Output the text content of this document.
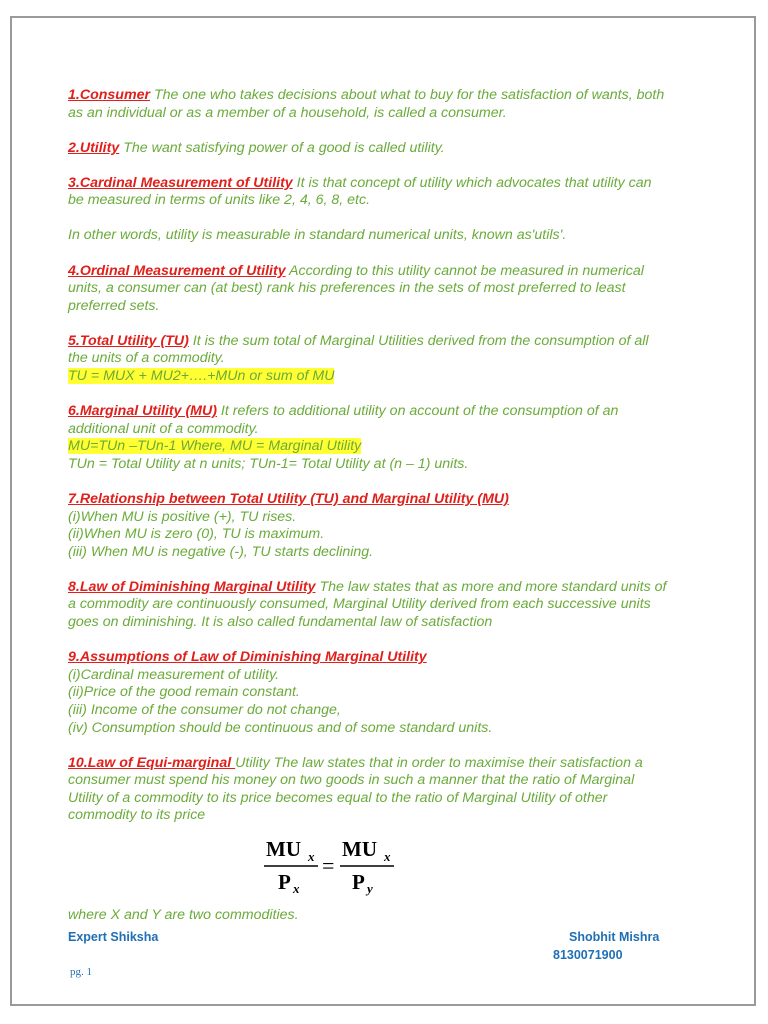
1.Consumer The one who takes decisions about what to buy for the satisfaction of wants, both as an individual or as a member of a household, is called a consumer.

2.Utility The want satisfying power of a good is called utility.

3.Cardinal Measurement of Utility It is that concept of utility which advocates that utility can be measured in terms of units like 2, 4, 6, 8, etc.

In other words, utility is measurable in standard numerical units, known as'utils'.

4.Ordinal Measurement of Utility According to this utility cannot be measured in numerical units, a consumer can (at best) rank his preferences in the sets of most preferred to least preferred sets.

5.Total Utility (TU) It is the sum total of Marginal Utilities derived from the consumption of all the units of a commodity.
TU = MUX + MU2+….+MUn or sum of MU

6.Marginal Utility (MU) It refers to additional utility on account of the consumption of an additional unit of a commodity.
MU=TUn –TUn-1 Where, MU = Marginal Utility
TUn = Total Utility at n units; TUn-1= Total Utility at (n – 1) units.

7.Relationship between Total Utility (TU) and Marginal Utility (MU)
(i)When MU is positive (+), TU rises.
(ii)When MU is zero (0), TU is maximum.
(iii) When MU is negative (-), TU starts declining.

8.Law of Diminishing Marginal Utility The law states that as more and more standard units of a commodity are continuously consumed, Marginal Utility derived from each successive units goes on diminishing. It is also called fundamental law of satisfaction

9.Assumptions of Law of Diminishing Marginal Utility
(i)Cardinal measurement of utility.
(ii)Price of the good remain constant.
(iii) Income of the consumer do not change,
(iv) Consumption should be continuous and of some standard units.

10.Law of Equi-marginal Utility The law states that in order to maximise their satisfaction a consumer must spend his money on two goods in such a manner that the ratio of Marginal Utility of a commodity to its price becomes equal to the ratio of Marginal Utility of other commodity to its price

MU x
P x
=
MU x
P y
where X and Y are two commodities.
Expert Shiksha	Shobhit Mishra
8130071900
pg. 1
